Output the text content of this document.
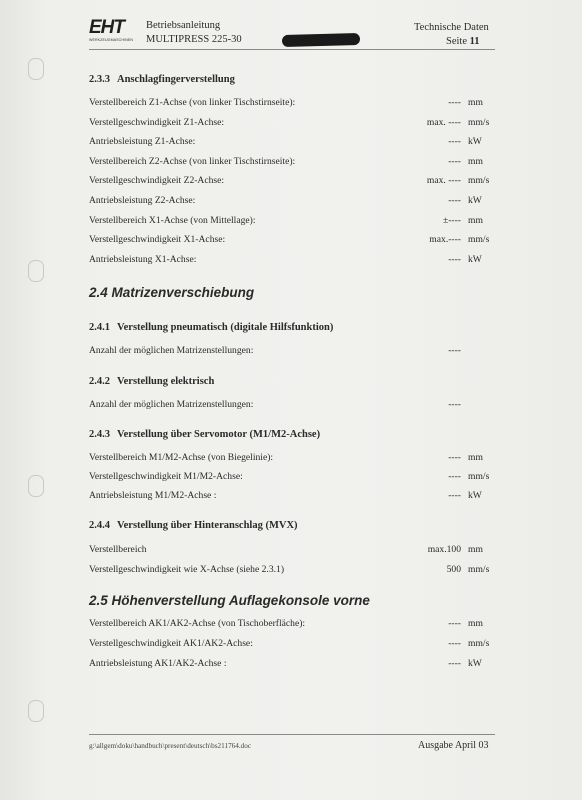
EHT
WERKZEUGMASCHINEN
Betriebsanleitung
MULTIPRESS 225-30
Technische Daten
Seite 11
2.3.3 Anschlagfingerverstellung
Verstellbereich Z1-Achse (von linker Tischstirnseite):	---- mm
Verstellgeschwindigkeit Z1-Achse:	max. ---- mm/s
Antriebsleistung Z1-Achse:	---- kW
Verstellbereich Z2-Achse (von linker Tischstirnseite):	---- mm
Verstellgeschwindigkeit Z2-Achse:	max. ---- mm/s
Antriebsleistung Z2-Achse:	---- kW
Verstellbereich X1-Achse (von Mittellage):	±---- mm
Verstellgeschwindigkeit X1-Achse:	max.---- mm/s
Antriebsleistung X1-Achse:	---- kW
2.4 Matrizenverschiebung
2.4.1 Verstellung pneumatisch (digitale Hilfsfunktion)
Anzahl der möglichen Matrizenstellungen:	----
2.4.2 Verstellung elektrisch
Anzahl der möglichen Matrizenstellungen:	----
2.4.3 Verstellung über Servomotor (M1/M2-Achse)
Verstellbereich M1/M2-Achse (von Biegelinie):	---- mm
Verstellgeschwindigkeit M1/M2-Achse:	---- mm/s
Antriebsleistung M1/M2-Achse :	---- kW
2.4.4 Verstellung über Hinteranschlag (MVX)
Verstellbereich	max.100 mm
Verstellgeschwindigkeit wie X-Achse (siehe 2.3.1)	500 mm/s
2.5 Höhenverstellung Auflagekonsole vorne
Verstellbereich AK1/AK2-Achse (von Tischoberfläche):	---- mm
Verstellgeschwindigkeit AK1/AK2-Achse:	---- mm/s
Antriebsleistung AK1/AK2-Achse :	---- kW
g:\allgem\doku\handbuch\present\deutsch\bs211764.doc	Ausgabe April 03
